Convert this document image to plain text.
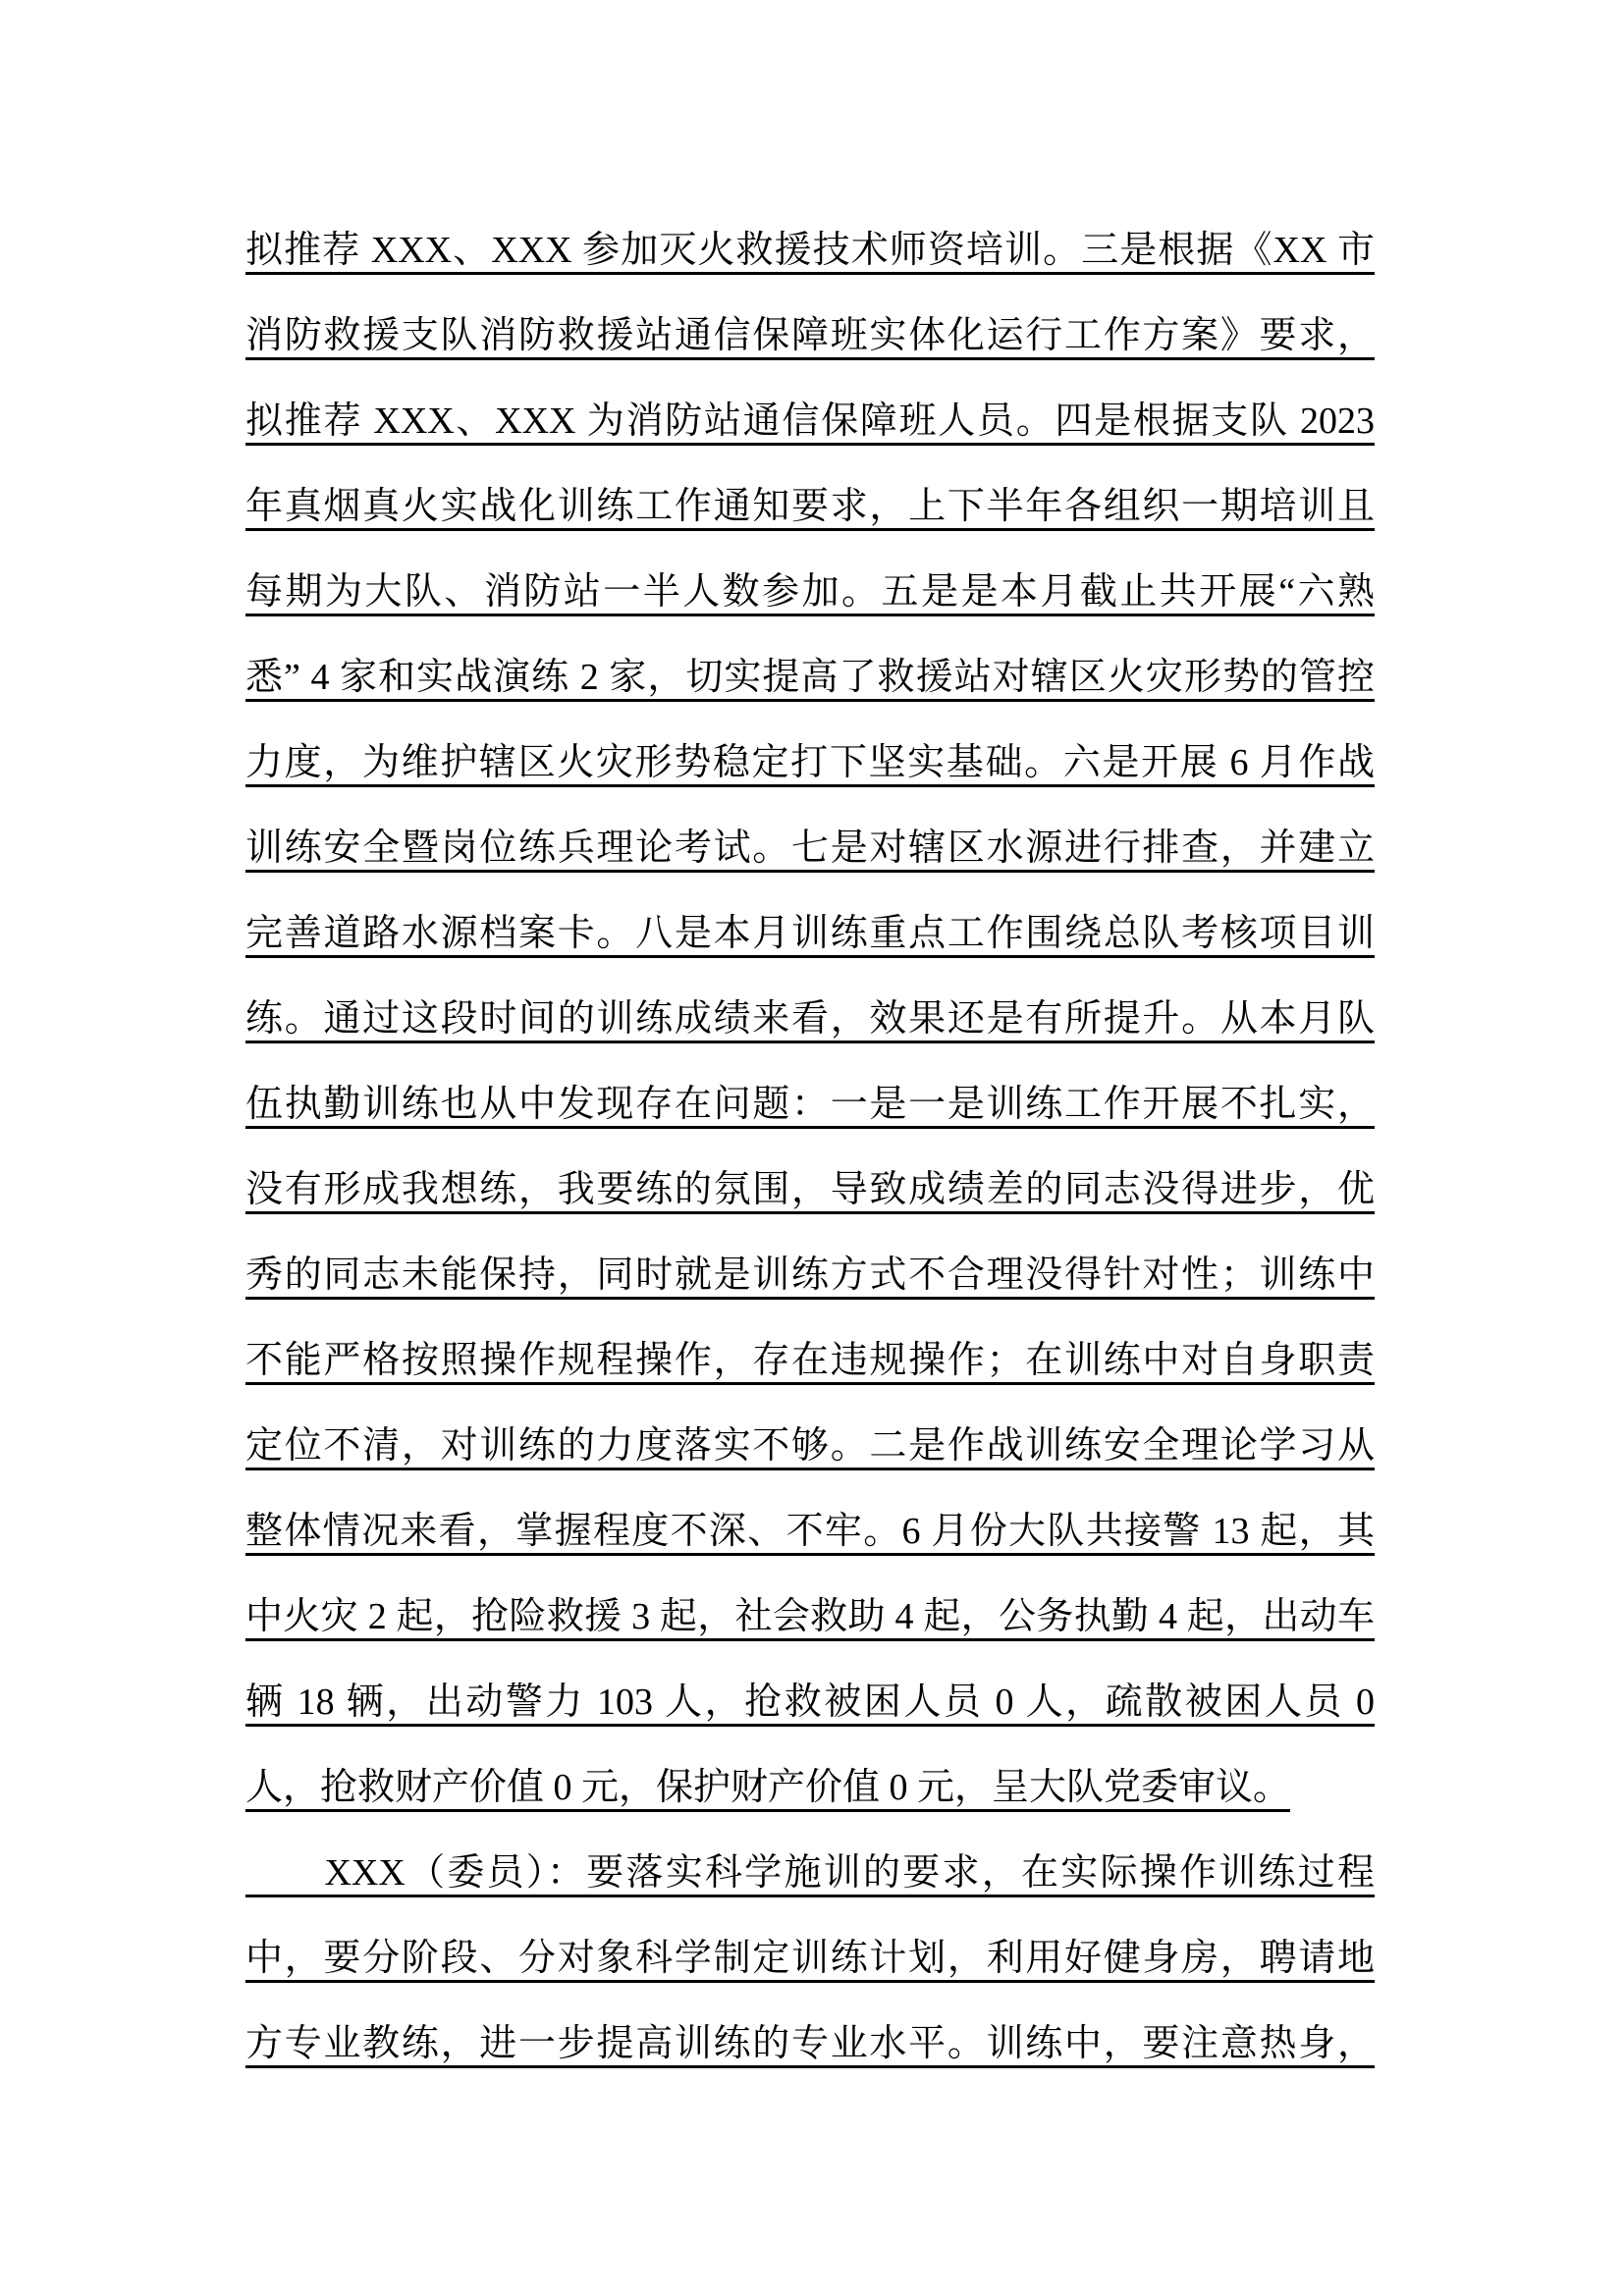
拟推荐 XXX、XXX 参加灭火救援技术师资培训。三是根据《XX 市
消防救援支队消防救援站通信保障班实体化运行工作方案》要求，
拟推荐 XXX、XXX 为消防站通信保障班人员。四是根据支队 2023
年真烟真火实战化训练工作通知要求，上下半年各组织一期培训且
每期为大队、消防站一半人数参加。五是是本月截止共开展“六熟
悉” 4 家和实战演练 2 家，切实提高了救援站对辖区火灾形势的管控
力度，为维护辖区火灾形势稳定打下坚实基础。六是开展 6 月作战
训练安全暨岗位练兵理论考试。七是对辖区水源进行排查，并建立
完善道路水源档案卡。八是本月训练重点工作围绕总队考核项目训
练。通过这段时间的训练成绩来看，效果还是有所提升。从本月队
伍执勤训练也从中发现存在问题：一是一是训练工作开展不扎实，
没有形成我想练，我要练的氛围，导致成绩差的同志没得进步，优
秀的同志未能保持，同时就是训练方式不合理没得针对性；训练中
不能严格按照操作规程操作，存在违规操作；在训练中对自身职责
定位不清，对训练的力度落实不够。二是作战训练安全理论学习从
整体情况来看，掌握程度不深、不牢。6 月份大队共接警 13 起，其
中火灾 2 起，抢险救援 3 起，社会救助 4 起，公务执勤 4 起，出动车
辆 18 辆，出动警力 103 人，抢救被困人员 0 人，疏散被困人员 0
人，抢救财产价值 0 元，保护财产价值 0 元，呈大队党委审议。
　　XXX（委员）：要落实科学施训的要求，在实际操作训练过程
中，要分阶段、分对象科学制定训练计划，利用好健身房，聘请地
方专业教练，进一步提高训练的专业水平。训练中，要注意热身，
